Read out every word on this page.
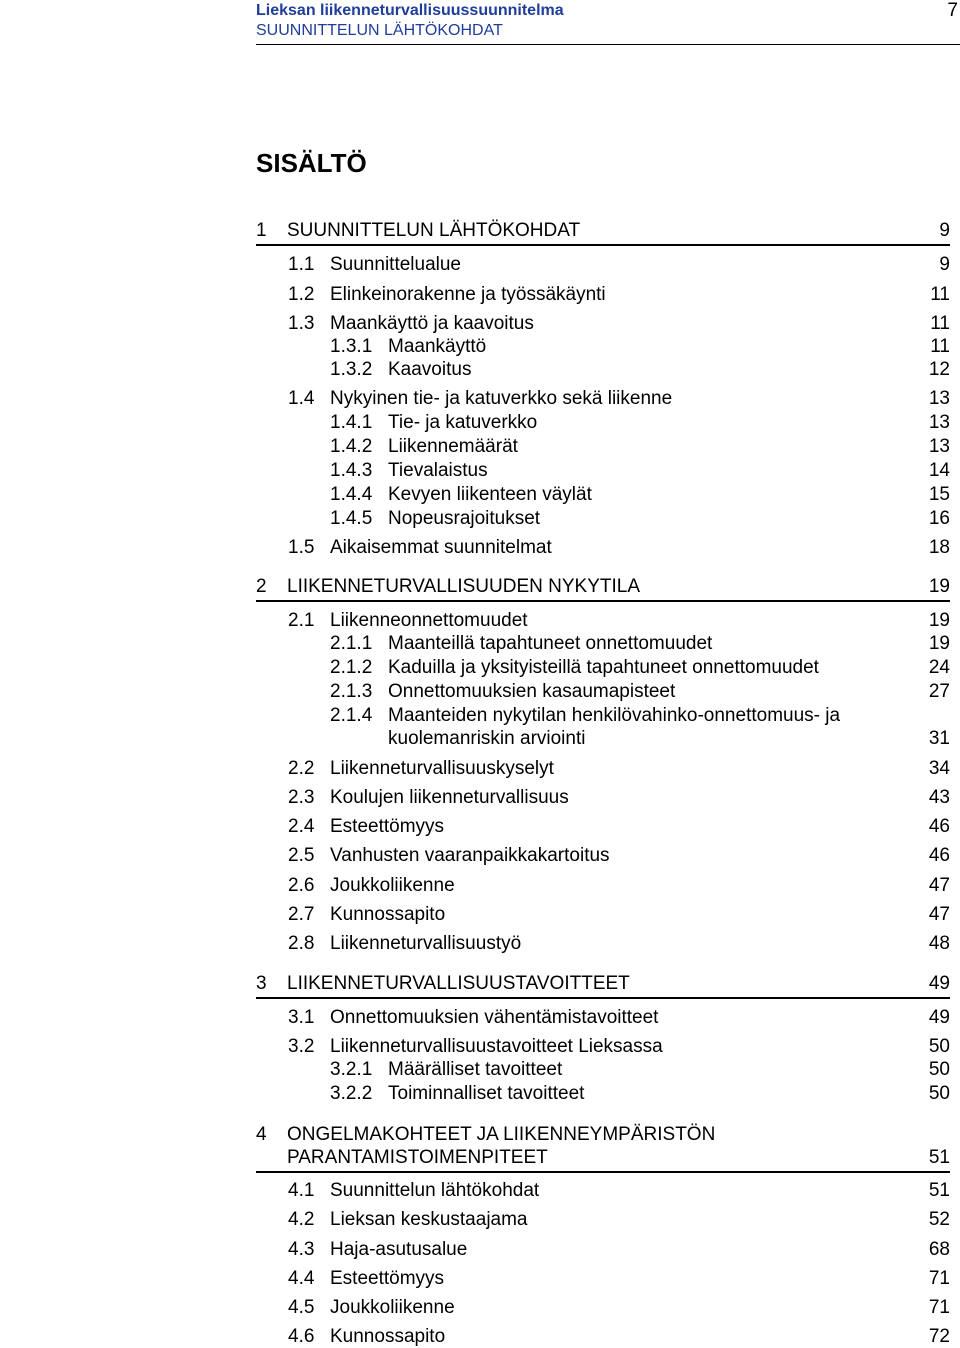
Lieksan liikenneturvallisuussuunnitelma
SUUNNITTELUN LÄHTÖKOHDAT
7
SISÄLTÖ
1 SUUNNITTELUN LÄHTÖKOHDAT	9
1.1 Suunnittelualue	9
1.2 Elinkeinorakenne ja työssäkäynti	11
1.3 Maankäyttö ja kaavoitus	11
1.3.1 Maankäyttö	11
1.3.2 Kaavoitus	12
1.4 Nykyinen tie- ja katuverkko sekä liikenne	13
1.4.1 Tie- ja katuverkko	13
1.4.2 Liikennemäärät	13
1.4.3 Tievalaistus	14
1.4.4 Kevyen liikenteen väylät	15
1.4.5 Nopeusrajoitukset	16
1.5 Aikaisemmat suunnitelmat	18
2 LIIKENNETURVALLISUUDEN NYKYTILA	19
2.1 Liikenneonnettomuudet	19
2.1.1 Maanteillä tapahtuneet onnettomuudet	19
2.1.2 Kaduilla ja yksityisteillä tapahtuneet onnettomuudet	24
2.1.3 Onnettomuuksien kasaumapisteet	27
2.1.4 Maanteiden nykytilan henkilövahinko-onnettomuus- ja
kuolemanriskin arviointi	31
2.2 Liikenneturvallisuuskyselyt	34
2.3 Koulujen liikenneturvallisuus	43
2.4 Esteettömyys	46
2.5 Vanhusten vaaranpaikkakartoitus	46
2.6 Joukkoliikenne	47
2.7 Kunnossapito	47
2.8 Liikenneturvallisuustyö	48
3 LIIKENNETURVALLISUUSTAVOITTEET	49
3.1 Onnettomuuksien vähentämistavoitteet	49
3.2 Liikenneturvallisuustavoitteet Lieksassa	50
3.2.1 Määrälliset tavoitteet	50
3.2.2 Toiminnalliset tavoitteet	50
4 ONGELMAKOHTEET JA LIIKENNEYMPÄRISTÖN
PARANTAMISTOIMENPITEET	51
4.1 Suunnittelun lähtökohdat	51
4.2 Lieksan keskustaajama	52
4.3 Haja-asutusalue	68
4.4 Esteettömyys	71
4.5 Joukkoliikenne	71
4.6 Kunnossapito	72
